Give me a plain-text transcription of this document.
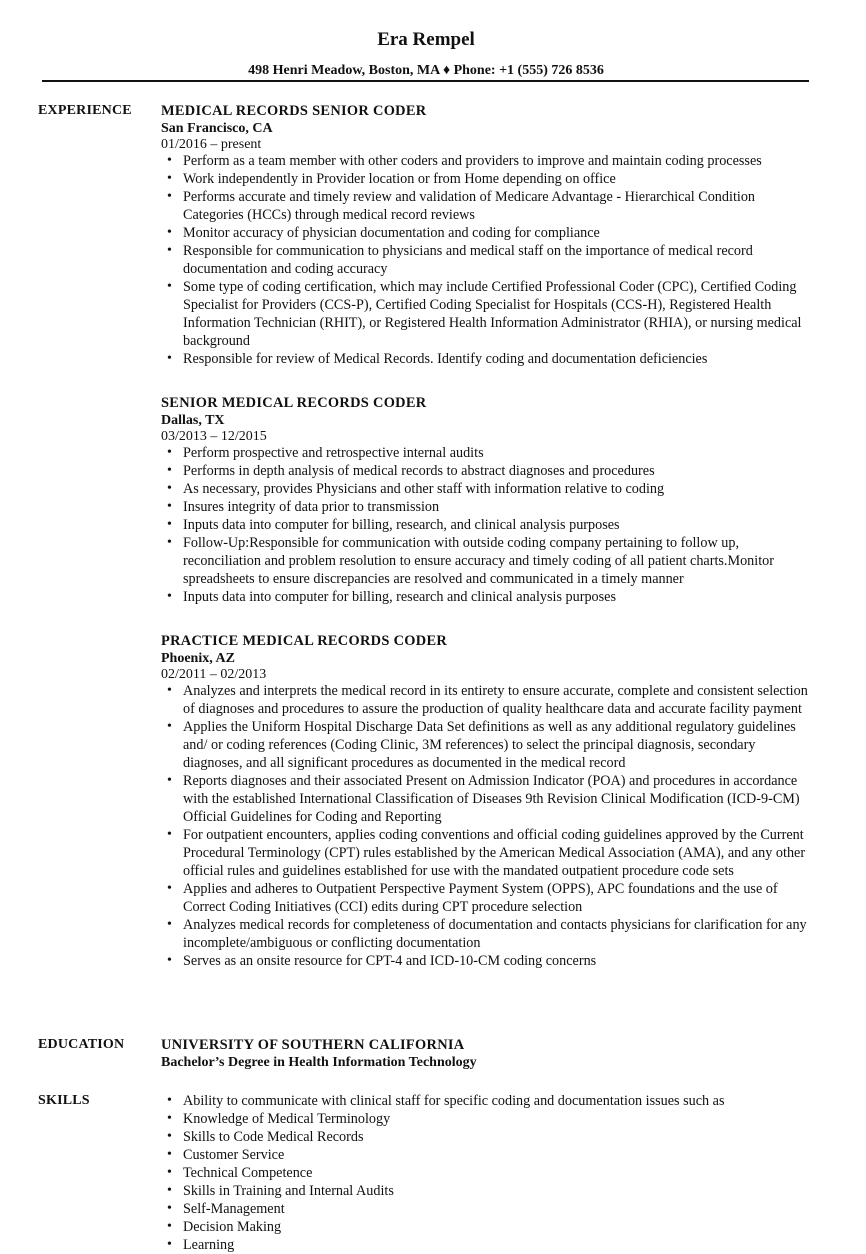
Era Rempel
498 Henri Meadow, Boston, MA ♦ Phone: +1 (555) 726 8536
EXPERIENCE MEDICAL RECORDS SENIOR CODER
San Francisco, CA
01/2016 – present
• Perform as a team member with other coders and providers to improve and maintain coding processes
• Work independently in Provider location or from Home depending on office
• Performs accurate and timely review and validation of Medicare Advantage - Hierarchical Condition Categories (HCCs) through medical record reviews
• Monitor accuracy of physician documentation and coding for compliance
• Responsible for communication to physicians and medical staff on the importance of medical record documentation and coding accuracy
• Some type of coding certification, which may include Certified Professional Coder (CPC), Certified Coding Specialist for Providers (CCS-P), Certified Coding Specialist for Hospitals (CCS-H), Registered Health Information Technician (RHIT), or Registered Health Information Administrator (RHIA), or nursing medical background
• Responsible for review of Medical Records. Identify coding and documentation deficiencies
SENIOR MEDICAL RECORDS CODER
Dallas, TX
03/2013 – 12/2015
• Perform prospective and retrospective internal audits
• Performs in depth analysis of medical records to abstract diagnoses and procedures
• As necessary, provides Physicians and other staff with information relative to coding
• Insures integrity of data prior to transmission
• Inputs data into computer for billing, research, and clinical analysis purposes
• Follow-Up:Responsible for communication with outside coding company pertaining to follow up, reconciliation and problem resolution to ensure accuracy and timely coding of all patient charts.Monitor spreadsheets to ensure discrepancies are resolved and communicated in a timely manner
• Inputs data into computer for billing, research and clinical analysis purposes
PRACTICE MEDICAL RECORDS CODER
Phoenix, AZ
02/2011 – 02/2013
• Analyzes and interprets the medical record in its entirety to ensure accurate, complete and consistent selection of diagnoses and procedures to assure the production of quality healthcare data and accurate facility payment
• Applies the Uniform Hospital Discharge Data Set definitions as well as any additional regulatory guidelines and/ or coding references (Coding Clinic, 3M references) to select the principal diagnosis, secondary diagnoses, and all significant procedures as documented in the medical record
• Reports diagnoses and their associated Present on Admission Indicator (POA) and procedures in accordance with the established International Classification of Diseases 9th Revision Clinical Modification (ICD-9-CM) Official Guidelines for Coding and Reporting
• For outpatient encounters, applies coding conventions and official coding guidelines approved by the Current Procedural Terminology (CPT) rules established by the American Medical Association (AMA), and any other official rules and guidelines established for use with the mandated outpatient procedure code sets
• Applies and adheres to Outpatient Perspective Payment System (OPPS), APC foundations and the use of Correct Coding Initiatives (CCI) edits during CPT procedure selection
• Analyzes medical records for completeness of documentation and contacts physicians for clarification for any incomplete/ambiguous or conflicting documentation
• Serves as an onsite resource for CPT-4 and ICD-10-CM coding concerns
EDUCATION	UNIVERSITY OF SOUTHERN CALIFORNIA
Bachelor’s Degree in Health Information Technology
SKILLS
•	Ability to communicate with clinical staff for specific coding and documentation issues such as
• Knowledge of Medical Terminology
• Skills to Code Medical Records
• Customer Service
• Technical Competence
• Skills in Training and Internal Audits
• Self-Management
• Decision Making
• Learning
